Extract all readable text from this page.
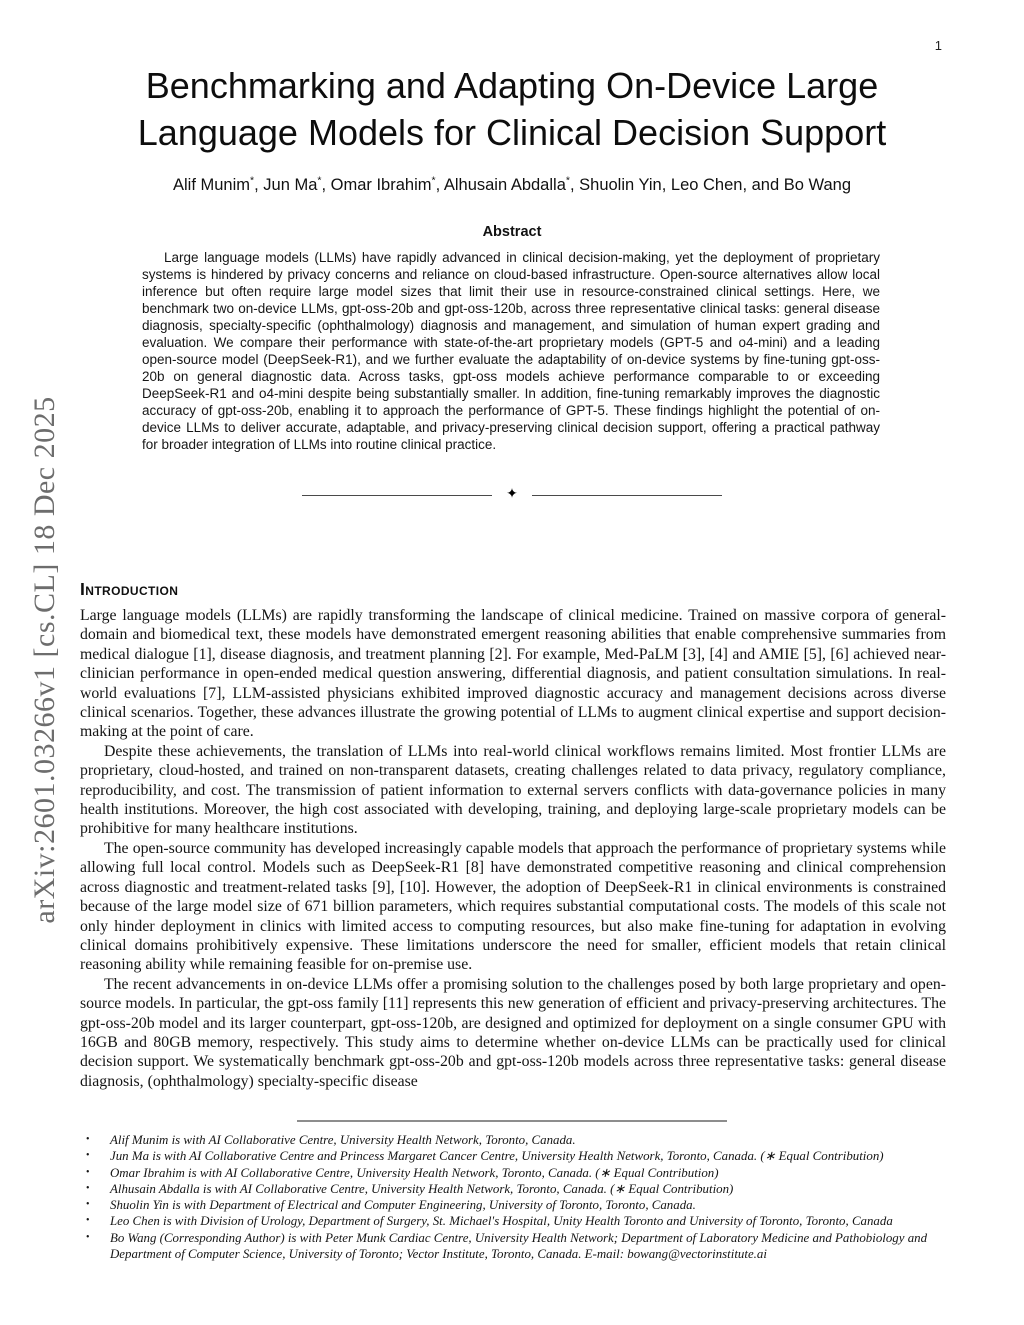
arXiv:2601.03266v1 [cs.CL] 18 Dec 2025
1
Benchmarking and Adapting On-Device Large
Language Models for Clinical Decision Support
Alif Munim*, Jun Ma*, Omar Ibrahim*, Alhusain Abdalla*, Shuolin Yin, Leo Chen, and Bo Wang
Abstract

Large language models (LLMs) have rapidly advanced in clinical decision-making, yet the deployment of proprietary systems is hindered by privacy concerns and reliance on cloud-based infrastructure. Open-source alternatives allow local inference but often require large model sizes that limit their use in resource-constrained clinical settings. Here, we benchmark two on-device LLMs, gpt-oss-20b and gpt-oss-120b, across three representative clinical tasks: general disease diagnosis, specialty-specific (ophthalmology) diagnosis and management, and simulation of human expert grading and evaluation. We compare their performance with state-of-the-art proprietary models (GPT-5 and o4-mini) and a leading open-source model (DeepSeek-R1), and we further evaluate the adaptability of on-device systems by fine-tuning gpt-oss-20b on general diagnostic data. Across tasks, gpt-oss models achieve performance comparable to or exceeding DeepSeek-R1 and o4-mini despite being substantially smaller. In addition, fine-tuning remarkably improves the diagnostic accuracy of gpt-oss-20b, enabling it to approach the performance of GPT-5. These findings highlight the potential of on-device LLMs to deliver accurate, adaptable, and privacy-preserving clinical decision support, offering a practical pathway for broader integration of LLMs into routine clinical practice.

✦
Introduction

Large language models (LLMs) are rapidly transforming the landscape of clinical medicine. Trained on massive corpora of general-domain and biomedical text, these models have demonstrated emergent reasoning abilities that enable comprehensive summaries from medical dialogue [1], disease diagnosis, and treatment planning [2]. For example, Med-PaLM [3], [4] and AMIE [5], [6] achieved near-clinician performance in open-ended medical question answering, differential diagnosis, and patient consultation simulations. In real-world evaluations [7], LLM-assisted physicians exhibited improved diagnostic accuracy and management decisions across diverse clinical scenarios. Together, these advances illustrate the growing potential of LLMs to augment clinical expertise and support decision-making at the point of care.

Despite these achievements, the translation of LLMs into real-world clinical workflows remains limited. Most frontier LLMs are proprietary, cloud-hosted, and trained on non-transparent datasets, creating challenges related to data privacy, regulatory compliance, reproducibility, and cost. The transmission of patient information to external servers conflicts with data-governance policies in many health institutions. Moreover, the high cost associated with developing, training, and deploying large-scale proprietary models can be prohibitive for many healthcare institutions.

The open-source community has developed increasingly capable models that approach the performance of proprietary systems while allowing full local control. Models such as DeepSeek-R1 [8] have demonstrated competitive reasoning and clinical comprehension across diagnostic and treatment-related tasks [9], [10]. However, the adoption of DeepSeek-R1 in clinical environments is constrained because of the large model size of 671 billion parameters, which requires substantial computational costs. The models of this scale not only hinder deployment in clinics with limited access to computing resources, but also make fine-tuning for adaptation in evolving clinical domains prohibitively expensive. These limitations underscore the need for smaller, efficient models that retain clinical reasoning ability while remaining feasible for on-premise use.

The recent advancements in on-device LLMs offer a promising solution to the challenges posed by both large proprietary and open-source models. In particular, the gpt-oss family [11] represents this new generation of efficient and privacy-preserving architectures. The gpt-oss-20b model and its larger counterpart, gpt-oss-120b, are designed and optimized for deployment on a single consumer GPU with 16GB and 80GB memory, respectively. This study aims to determine whether on-device LLMs can be practically used for clinical decision support. We systematically benchmark gpt-oss-20b and gpt-oss-120b models across three representative tasks: general disease diagnosis, (ophthalmology) specialty-specific disease

•	Alif Munim is with AI Collaborative Centre, University Health Network, Toronto, Canada.
•	Jun Ma is with AI Collaborative Centre and Princess Margaret Cancer Centre, University Health Network, Toronto, Canada. (∗ Equal Contribution)
•	Omar Ibrahim is with AI Collaborative Centre, University Health Network, Toronto, Canada. (∗ Equal Contribution)
•	Alhusain Abdalla is with AI Collaborative Centre, University Health Network, Toronto, Canada. (∗ Equal Contribution)
•	Shuolin Yin is with Department of Electrical and Computer Engineering, University of Toronto, Toronto, Canada.
•	Leo Chen is with Division of Urology, Department of Surgery, St. Michael's Hospital, Unity Health Toronto and University of Toronto, Toronto, Canada
•	Bo Wang (Corresponding Author) is with Peter Munk Cardiac Centre, University Health Network; Department of Laboratory Medicine and Pathobiology and Department of Computer Science, University of Toronto; Vector Institute, Toronto, Canada. E-mail: bowang@vectorinstitute.ai
